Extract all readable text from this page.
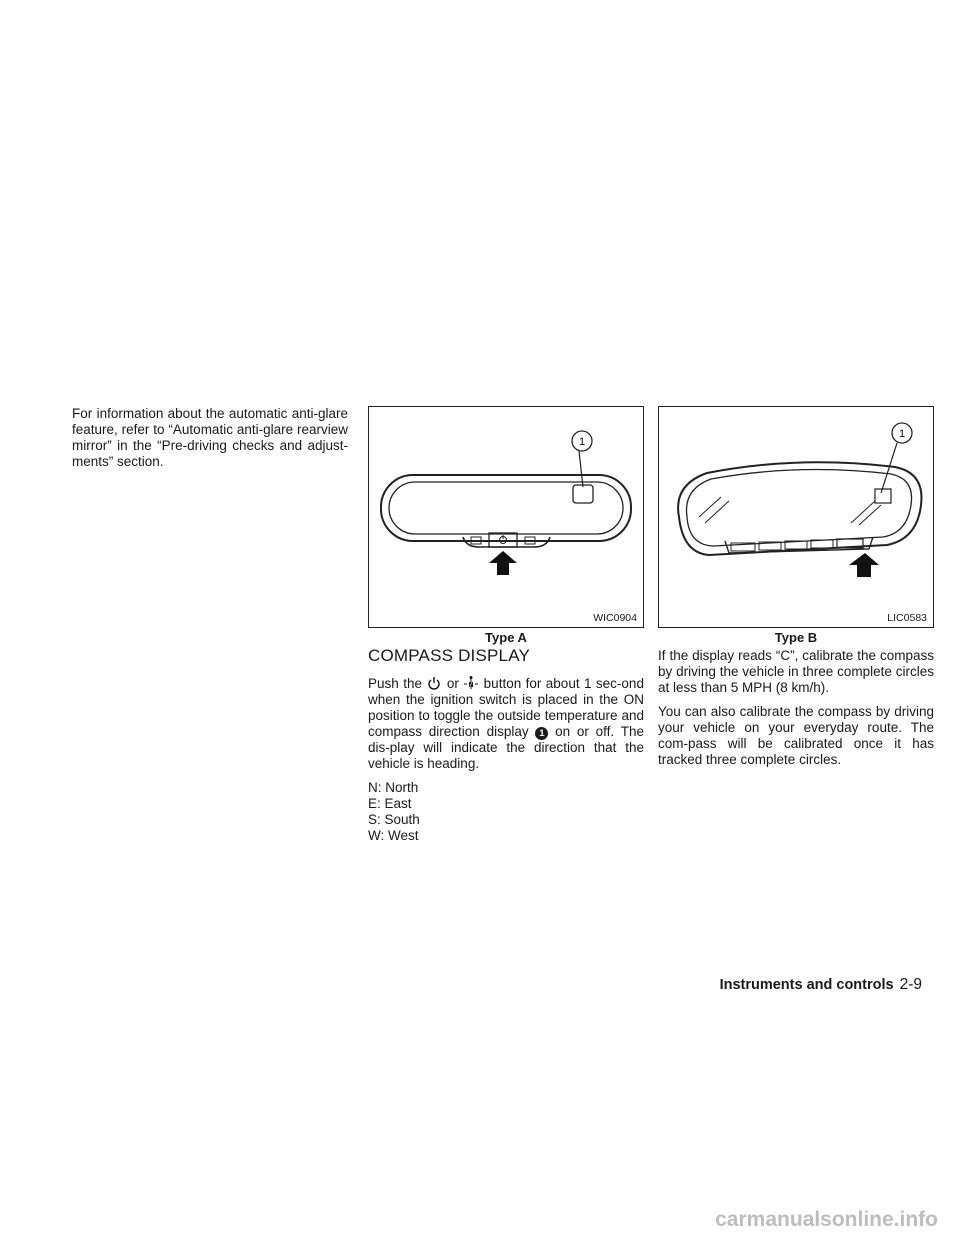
For information about the automatic anti-glare feature, refer to “Automatic anti-glare rearview mirror” in the “Pre-driving checks and adjust-ments” section.

1
WIC0904
Type A
1
LIC0583
Type B
COMPASS DISPLAY

Push the or N button for about 1 sec-ond when the ignition switch is placed in the ON position to toggle the outside temperature and compass direction display 1 on or off. The dis-play will indicate the direction that the vehicle is heading.

N: North
E: East
S: South
W: West

If the display reads “C”, calibrate the compass by driving the vehicle in three complete circles at less than 5 MPH (8 km/h).

You can also calibrate the compass by driving your vehicle on your everyday route. The com-pass will be calibrated once it has tracked three complete circles.

Instruments and controls 2-9
carmanualsonline.info
